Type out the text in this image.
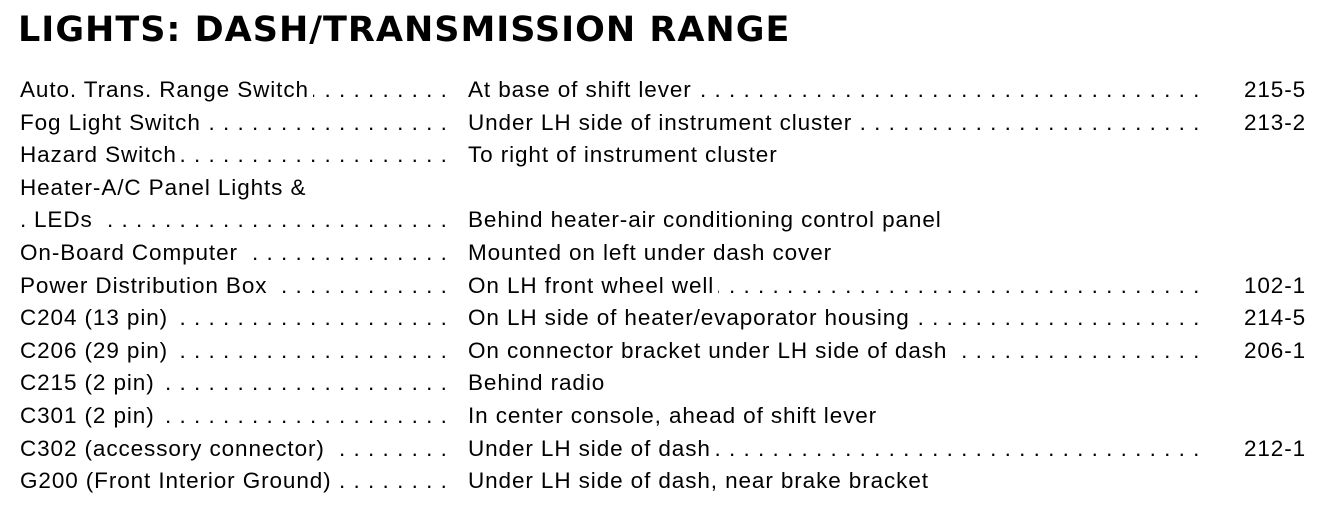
LIGHTS: DASH/TRANSMISSION RANGE
Auto. Trans. Range Switch . . .	At base of shift lever . . .	215-5
Fog Light Switch . . .	Under LH side of instrument cluster . . .	213-2
Hazard Switch . . .	To right of instrument cluster
Heater-A/C Panel Lights &
LEDs . . .	Behind heater-air conditioning control panel
On-Board Computer . . .	Mounted on left under dash cover
Power Distribution Box . . .	On LH front wheel well . . .	102-1
C204 (13 pin) . . .	On LH side of heater/evaporator housing . . .	214-5
C206 (29 pin) . . .	On connector bracket under LH side of dash . . .	206-1
C215 (2 pin) . . .	Behind radio
C301 (2 pin) . . .	In center console, ahead of shift lever
C302 (accessory connector) . . .	Under LH side of dash . . .	212-1
G200 (Front Interior Ground) . . .	Under LH side of dash, near brake bracket
